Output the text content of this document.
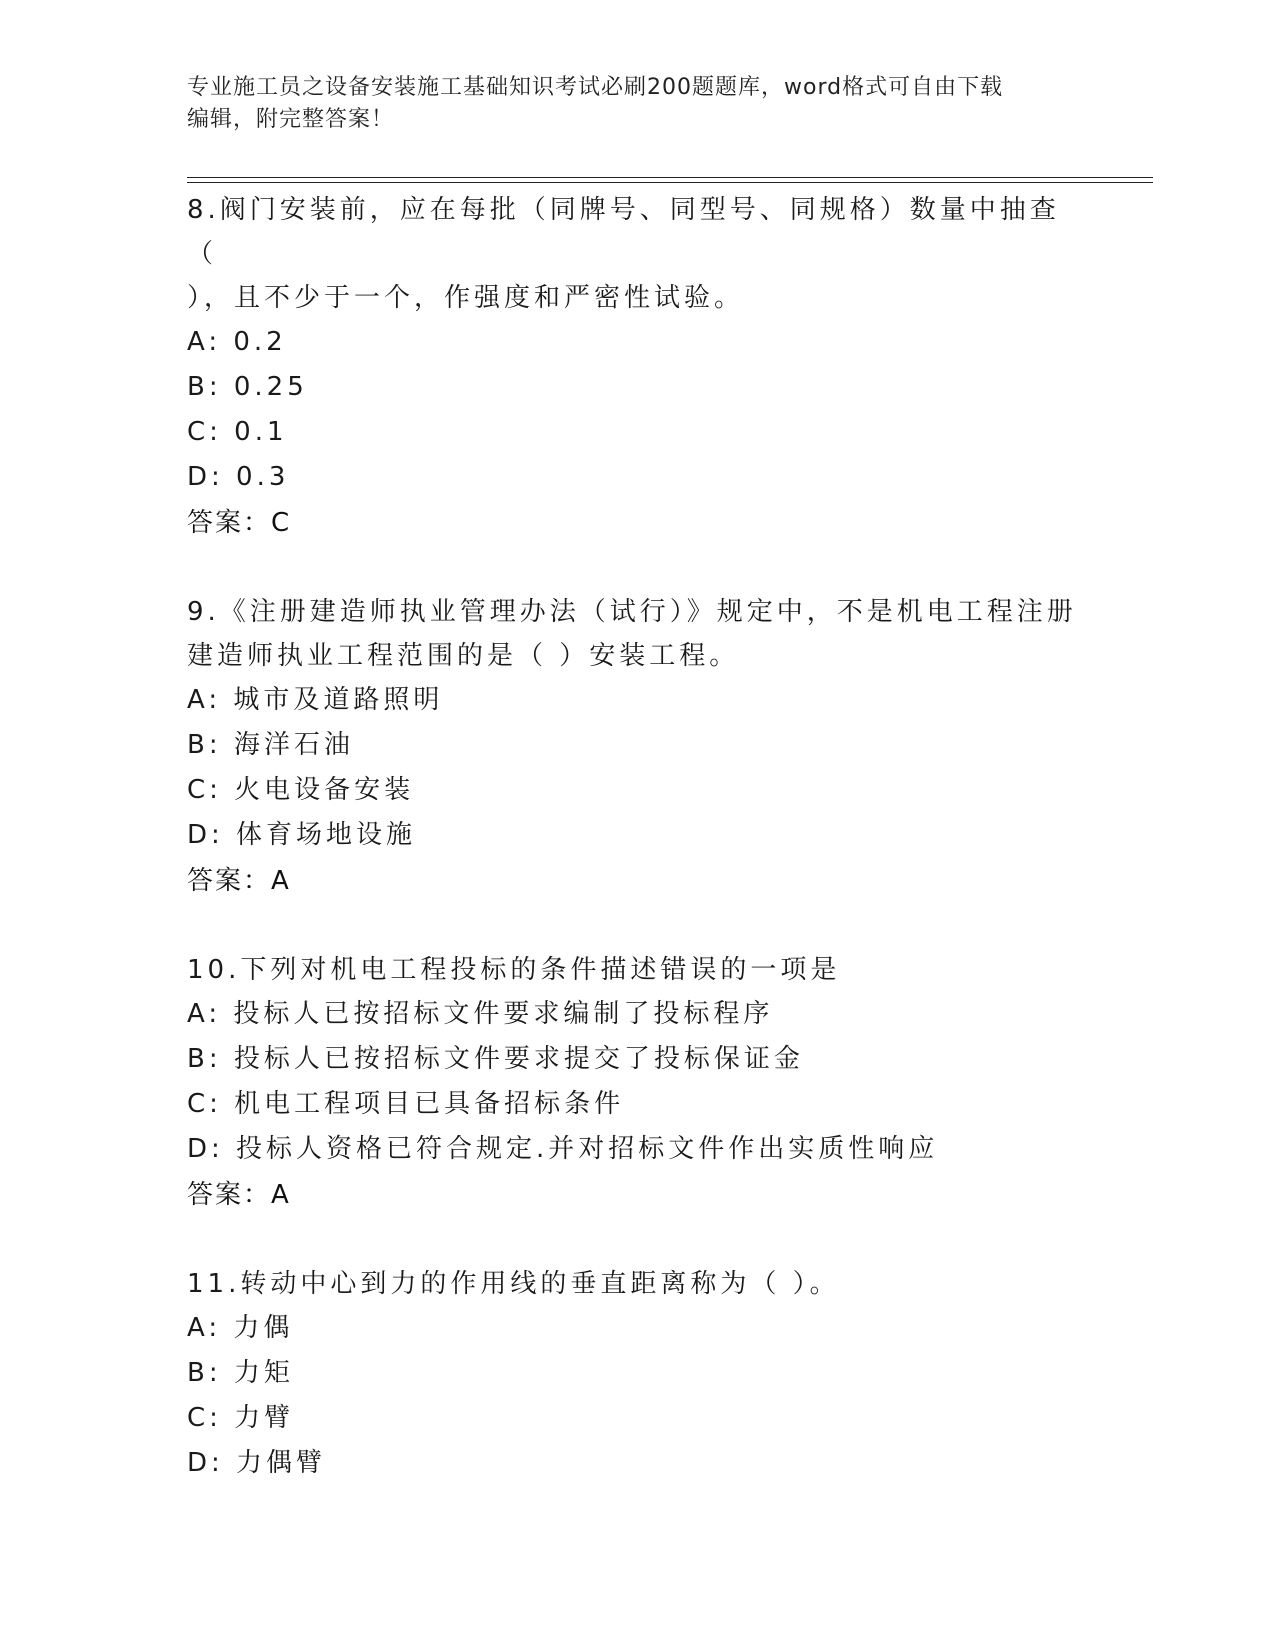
专业施工员之设备安装施工基础知识考试必刷200题题库，word格式可自由下载
编辑，附完整答案！

8.阀门安装前，应在每批（同牌号、同型号、同规格）数量中抽查（

），且不少于一个，作强度和严密性试验。

A: 0.2

B: 0.25

C: 0.1

D: 0.3

答案：C

9.《注册建造师执业管理办法（试行）》规定中，不是机电工程注册

建造师执业工程范围的是（ ）安装工程。

A: 城市及道路照明

B: 海洋石油

C: 火电设备安装

D: 体育场地设施

答案：A

10.下列对机电工程投标的条件描述错误的一项是

A: 投标人已按招标文件要求编制了投标程序

B: 投标人已按招标文件要求提交了投标保证金

C: 机电工程项目已具备招标条件

D: 投标人资格已符合规定.并对招标文件作出实质性响应

答案：A

11.转动中心到力的作用线的垂直距离称为（ ）。

A: 力偶

B: 力矩

C: 力臂

D: 力偶臂
